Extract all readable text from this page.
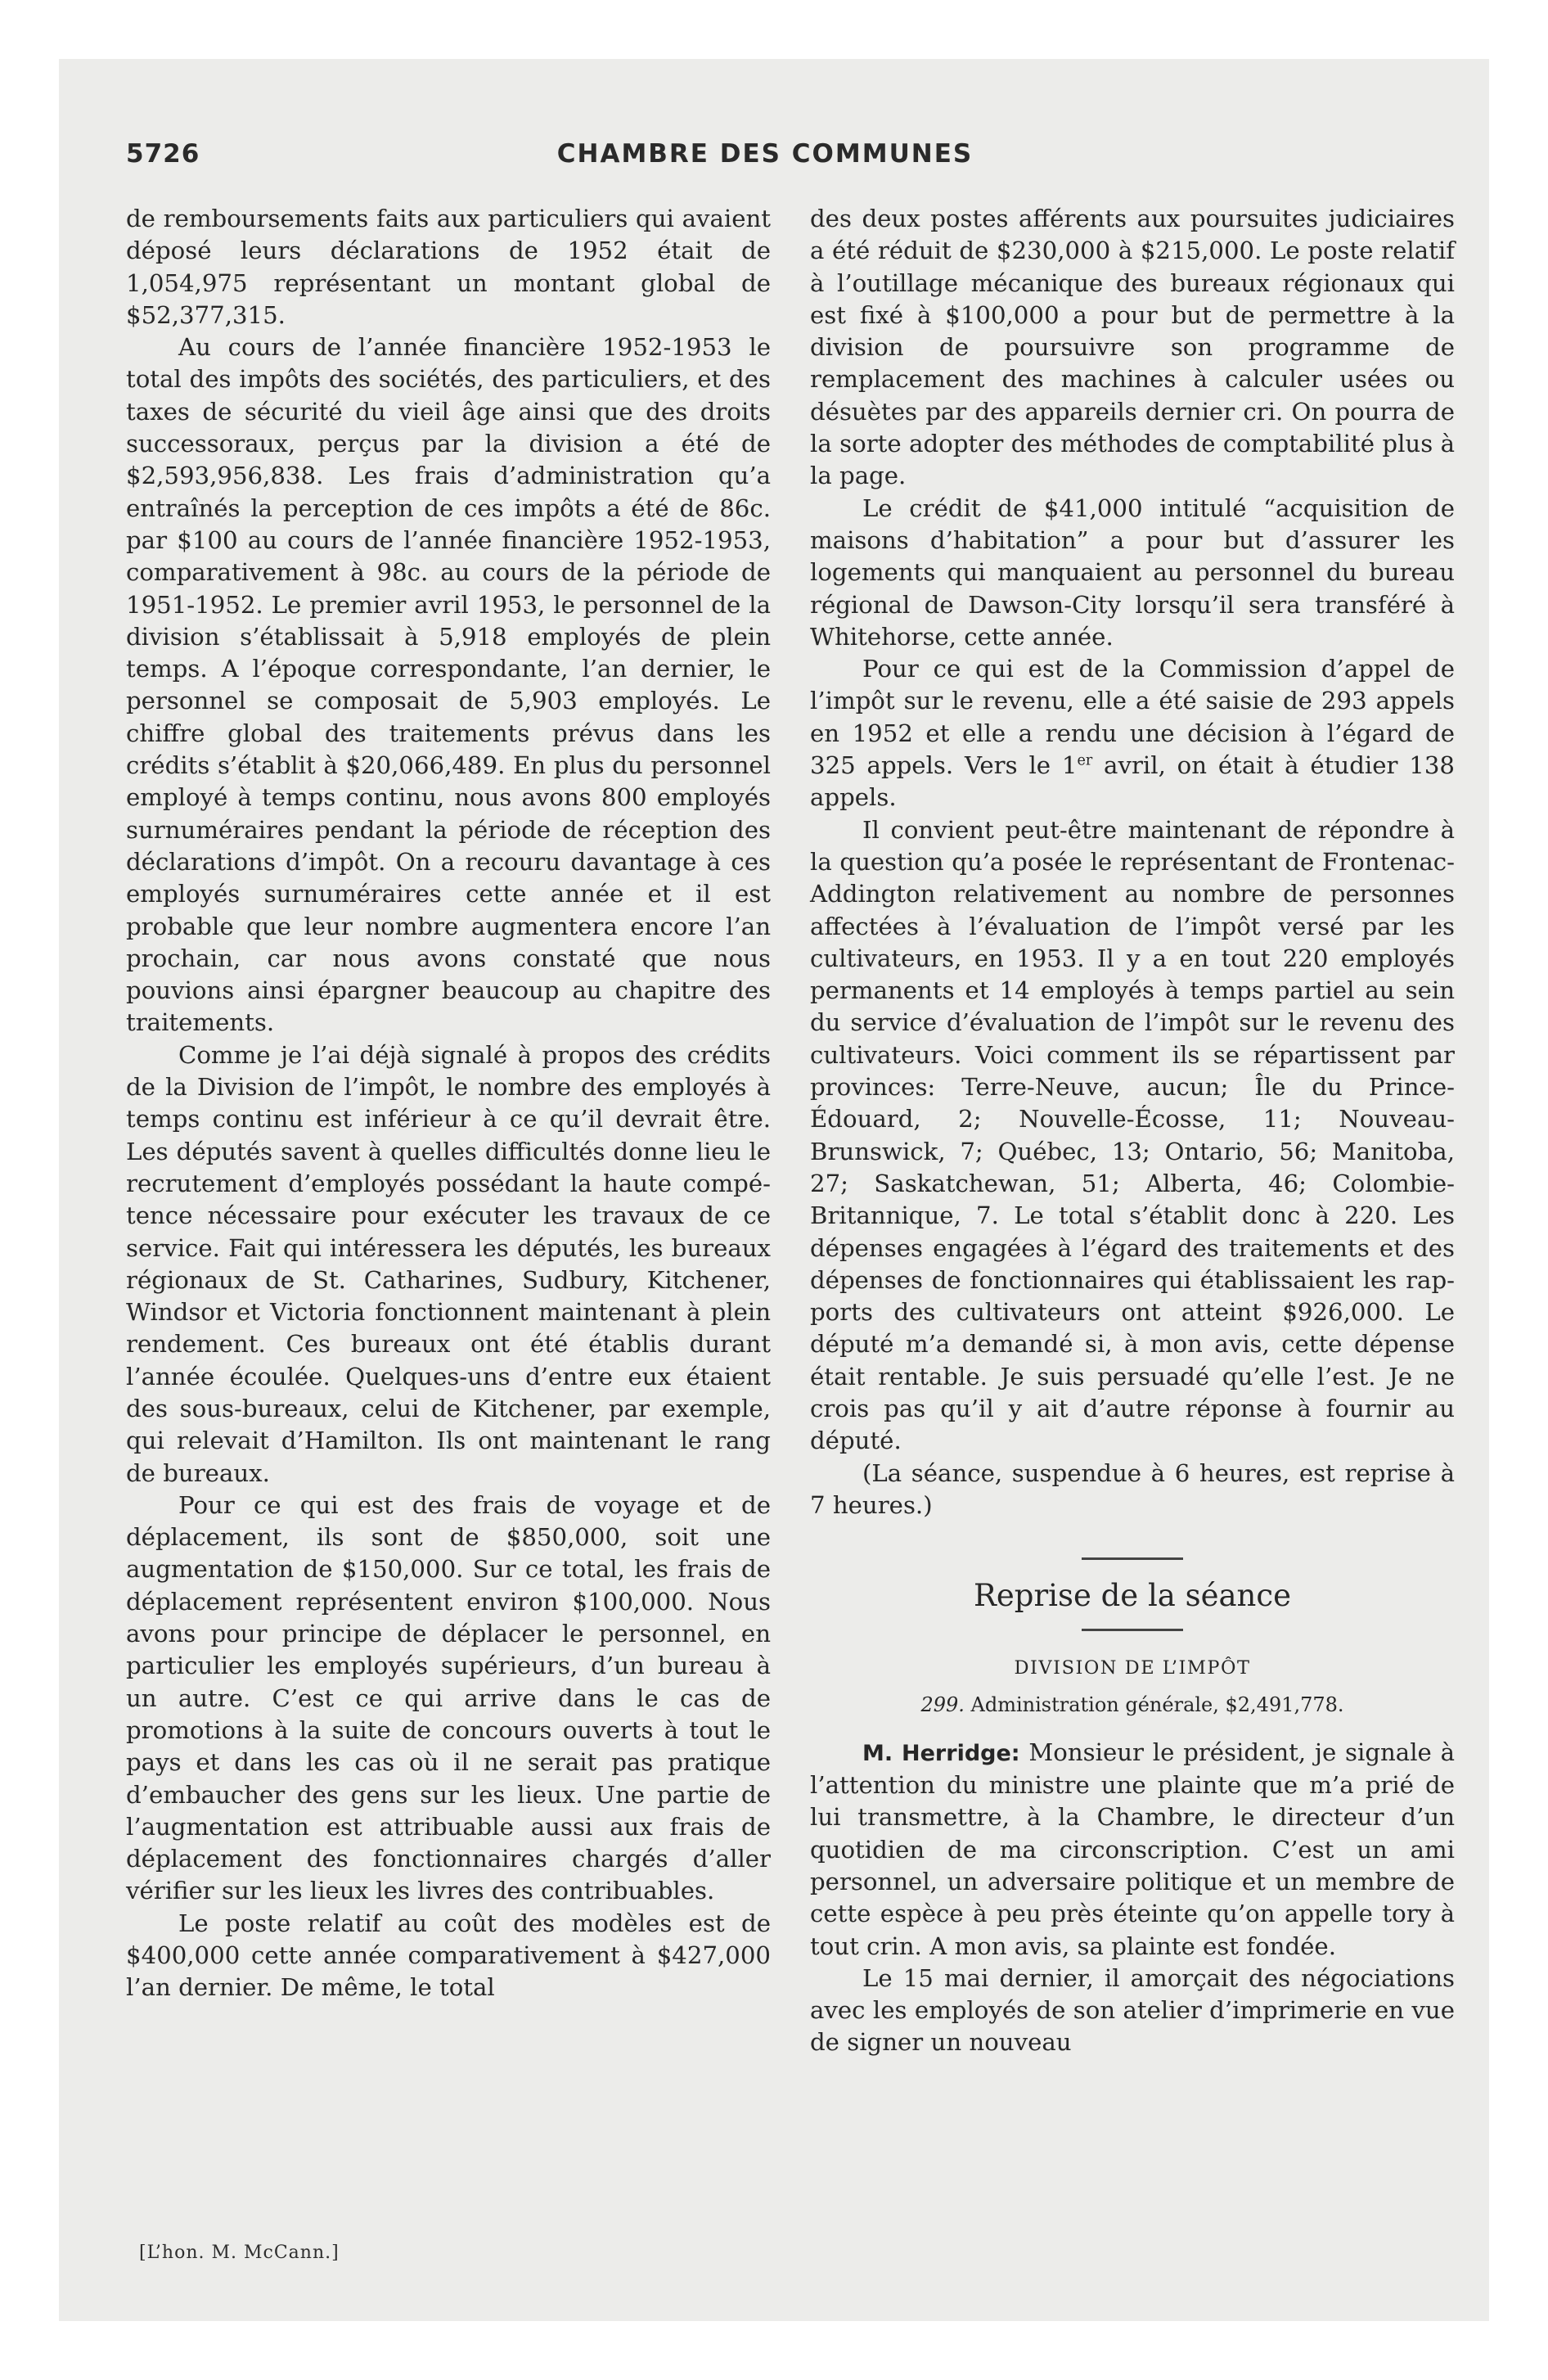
5726	CHAMBRE DES COMMUNES

de remboursements faits aux particuliers qui avaient déposé leurs déclarations de 1952 était de 1,054,975 représentant un montant global de $52,377,315.

Au cours de l’année financière 1952-1953 le total des impôts des sociétés, des particuliers, et des taxes de sécurité du vieil âge ainsi que des droits successoraux, perçus par la division a été de $2,593,956,838. Les frais d’administration qu’a entraînés la perception de ces impôts a été de 86c. par $100 au cours de l’année financière 1952-1953, comparativement à 98c. au cours de la période de 1951-1952. Le premier avril 1953, le personnel de la division s’établissait à 5,918 employés de plein temps. A l’époque correspondante, l’an dernier, le personnel se composait de 5,903 employés. Le chiffre global des traitements prévus dans les crédits s’établit à $20,066,489. En plus du personnel employé à temps continu, nous avons 800 employés surnuméraires pendant la période de réception des déclarations d’impôt. On a recouru davantage à ces employés surnuméraires cette année et il est probable que leur nombre augmentera encore l’an prochain, car nous avons constaté que nous pouvions ainsi épargner beaucoup au chapitre des traitements.

Comme je l’ai déjà signalé à propos des crédits de la Division de l’impôt, le nombre des employés à temps continu est inférieur à ce qu’il devrait être. Les députés savent à quelles difficultés donne lieu le recrutement d’employés possédant la haute compétence nécessaire pour exécuter les travaux de ce service. Fait qui intéressera les députés, les bureaux régionaux de St. Catharines, Sudbury, Kitchener, Windsor et Victoria fonctionnent maintenant à plein rendement. Ces bureaux ont été établis durant l’année écoulée. Quelques-uns d’entre eux étaient des sous-bureaux, celui de Kitchener, par exemple, qui relevait d’Hamilton. Ils ont maintenant le rang de bureaux.

Pour ce qui est des frais de voyage et de déplacement, ils sont de $850,000, soit une augmentation de $150,000. Sur ce total, les frais de déplacement représentent environ $100,000. Nous avons pour principe de déplacer le personnel, en particulier les employés supérieurs, d’un bureau à un autre. C’est ce qui arrive dans le cas de promotions à la suite de concours ouverts à tout le pays et dans les cas où il ne serait pas pratique d’embaucher des gens sur les lieux. Une partie de l’augmentation est attribuable aussi aux frais de déplacement des fonctionnaires chargés d’aller vérifier sur les lieux les livres des contribuables.

Le poste relatif au coût des modèles est de $400,000 cette année comparativement à $427,000 l’an dernier. De même, le total

[L’hon. M. McCann.]

des deux postes afférents aux poursuites judiciaires a été réduit de $230,000 à $215,000. Le poste relatif à l’outillage mécanique des bureaux régionaux qui est fixé à $100,000 a pour but de permettre à la division de poursuivre son programme de remplacement des machines à calculer usées ou désuètes par des appareils dernier cri. On pourra de la sorte adopter des méthodes de comptabilité plus à la page.

Le crédit de $41,000 intitulé “acquisition de maisons d’habitation” a pour but d’assurer les logements qui manquaient au personnel du bureau régional de Dawson-City lorsqu’il sera transféré à Whitehorse, cette année.

Pour ce qui est de la Commission d’appel de l’impôt sur le revenu, elle a été saisie de 293 appels en 1952 et elle a rendu une décision à l’égard de 325 appels. Vers le 1er avril, on était à étudier 138 appels.

Il convient peut-être maintenant de répondre à la question qu’a posée le représentant de Frontenac-Addington relativement au nombre de personnes affectées à l’évaluation de l’impôt versé par les cultivateurs, en 1953. Il y a en tout 220 employés permanents et 14 employés à temps partiel au sein du service d’évaluation de l’impôt sur le revenu des cultivateurs. Voici comment ils se répartissent par provinces: Terre-Neuve, aucun; Île du Prince-Édouard, 2; Nouvelle-Écosse, 11; Nouveau-Brunswick, 7; Québec, 13; Ontario, 56; Manitoba, 27; Saskatchewan, 51; Alberta, 46; Colombie-Britannique, 7. Le total s’établit donc à 220. Les dépenses engagées à l’égard des traitements et des dépenses de fonctionnaires qui établissaient les rapports des cultivateurs ont atteint $926,000. Le député m’a demandé si, à mon avis, cette dépense était rentable. Je suis persuadé qu’elle l’est. Je ne crois pas qu’il y ait d’autre réponse à fournir au député.

(La séance, suspendue à 6 heures, est reprise à 7 heures.)

Reprise de la séance
DIVISION DE L’IMPÔT
299. Administration générale, $2,491,778.

M. Herridge: Monsieur le président, je signale à l’attention du ministre une plainte que m’a prié de lui transmettre, à la Chambre, le directeur d’un quotidien de ma circonscription. C’est un ami personnel, un adversaire politique et un membre de cette espèce à peu près éteinte qu’on appelle tory à tout crin. A mon avis, sa plainte est fondée.

Le 15 mai dernier, il amorçait des négociations avec les employés de son atelier d’imprimerie en vue de signer un nouveau
